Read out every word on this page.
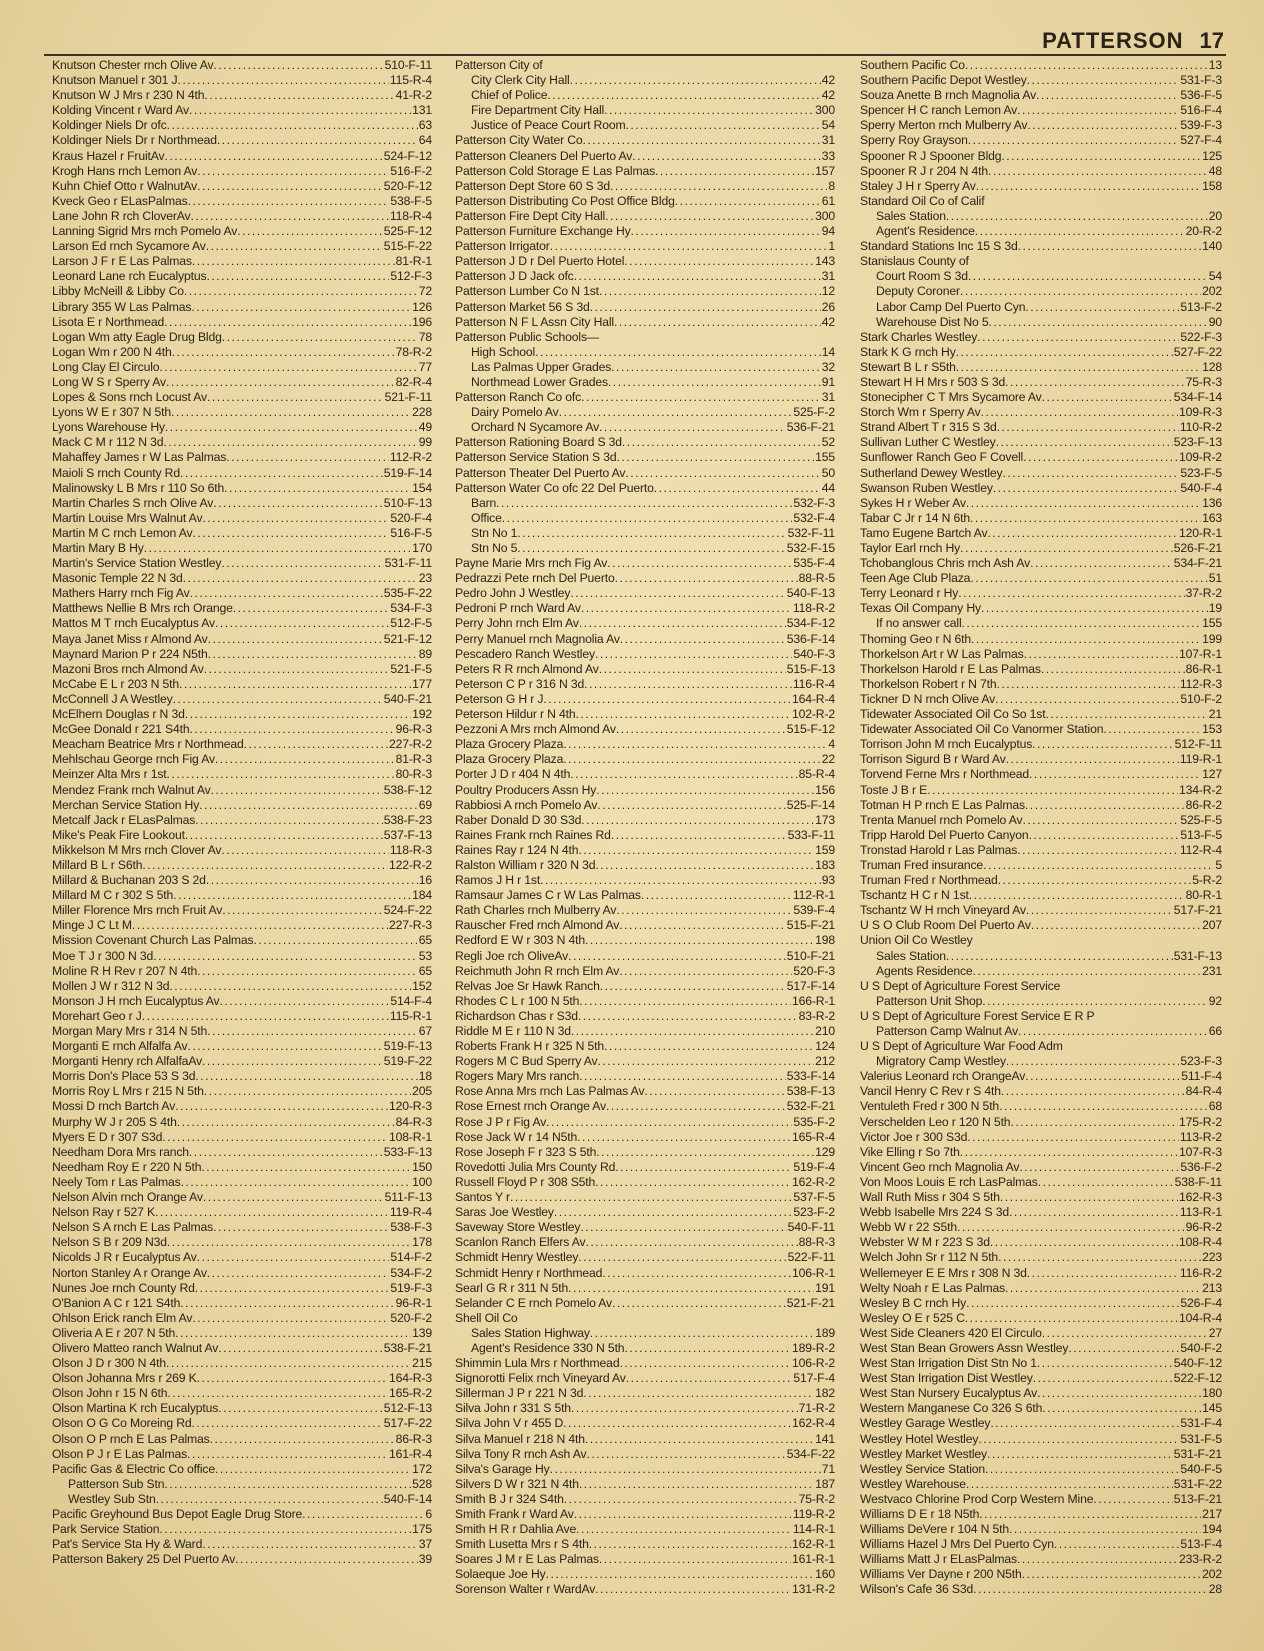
PATTERSON 17
Knutson Chester rnch Olive Av .....	510-F-11
Knutson Manuel r 301 J .....	115-R-4
Knutson W J Mrs r 230 N 4th .....	41-R-2
Kolding Vincent r Ward Av .....	131
Koldinger Niels Dr ofc .....	63
Koldinger Niels Dr r Northmead .....	64
Kraus Hazel r FruitAv .....	524-F-12
Krogh Hans rnch Lemon Av .....	516-F-2
Kuhn Chief Otto r WalnutAv .....	520-F-12
Kveck Geo r ELasPalmas .....	538-F-5
Lane John R rch CloverAv .....	118-R-4
Lanning Sigrid Mrs rnch Pomelo Av .....	525-F-12
Larson Ed rnch Sycamore Av .....	515-F-22
Larson J F r E Las Palmas .....	81-R-1
Leonard Lane rch Eucalyptus .....	512-F-3
Libby McNeill & Libby Co .....	72
Library 355 W Las Palmas .....	126
Lisota E r Northmead .....	196
Logan Wm atty Eagle Drug Bldg .....	78
Logan Wm r 200 N 4th .....	78-R-2
Long Clay El Circulo .....	77
Long W S r Sperry Av .....	82-R-4
Lopes & Sons rnch Locust Av .....	521-F-11
Lyons W E r 307 N 5th .....	228
Lyons Warehouse Hy .....	49
Mack C M r 112 N 3d .....	99
Mahaffey James r W Las Palmas .....	112-R-2
Maioli S rnch County Rd .....	519-F-14
Malinowsky L B Mrs r 110 So 6th .....	154
Martin Charles S rnch Olive Av .....	510-F-13
Martin Louise Mrs Walnut Av .....	520-F-4
Martin M C rnch Lemon Av .....	516-F-5
Martin Mary B Hy .....	170
Martin's Service Station Westley .....	531-F-11
Masonic Temple 22 N 3d .....	23
Mathers Harry rnch Fig Av .....	535-F-22
Matthews Nellie B Mrs rch Orange .....	534-F-3
Mattos M T rnch Eucalyptus Av .....	512-F-5
Maya Janet Miss r Almond Av .....	521-F-12
Maynard Marion P r 224 N5th .....	89
Mazoni Bros rnch Almond Av .....	521-F-5
McCabe E L r 203 N 5th .....	177
McConnell J A Westley .....	540-F-21
McElhern Douglas r N 3d .....	192
McGee Donald r 221 S4th .....	96-R-3
Meacham Beatrice Mrs r Northmead .....	227-R-2
Mehlschau George rnch Fig Av .....	81-R-3
Meinzer Alta Mrs r 1st .....	80-R-3
Mendez Frank rnch Walnut Av .....	538-F-12
Merchan Service Station Hy .....	69
Metcalf Jack r ELasPalmas .....	538-F-23
Mike's Peak Fire Lookout .....	537-F-13
Mikkelson M Mrs rnch Clover Av .....	118-R-3
Millard B L r S6th .....	122-R-2
Millard & Buchanan 203 S 2d .....	16
Millard M C r 302 S 5th .....	184
Miller Florence Mrs rnch Fruit Av .....	524-F-22
Minge J C Lt M .....	227-R-3
Mission Covenant Church Las Palmas .....	65
Moe T J r 300 N 3d .....	53
Moline R H Rev r 207 N 4th .....	65
Mollen J W r 312 N 3d .....	152
Monson J H rnch Eucalyptus Av .....	514-F-4
Morehart Geo r J .....	115-R-1
Morgan Mary Mrs r 314 N 5th .....	67
Morganti E rnch Alfalfa Av .....	519-F-13
Morganti Henry rch AlfalfaAv .....	519-F-22
Morris Don's Place 53 S 3d .....	18
Morris Roy L Mrs r 215 N 5th .....	205
Mossi D rnch Bartch Av .....	120-R-3
Murphy W J r 205 S 4th .....	84-R-3
Myers E D r 307 S3d .....	108-R-1
Needham Dora Mrs ranch .....	533-F-13
Needham Roy E r 220 N 5th .....	150
Neely Tom r Las Palmas .....	100
Nelson Alvin rnch Orange Av .....	511-F-13
Nelson Ray r 527 K .....	119-R-4
Nelson S A rnch E Las Palmas .....	538-F-3
Nelson S B r 209 N3d .....	178
Nicolds J R r Eucalyptus Av .....	514-F-2
Norton Stanley A r Orange Av .....	534-F-2
Nunes Joe rnch County Rd .....	519-F-3
O'Banion A C r 121 S4th .....	96-R-1
Ohlson Erick ranch Elm Av .....	520-F-2
Oliveria A E r 207 N 5th .....	139
Olivero Matteo ranch Walnut Av .....	538-F-21
Olson J D r 300 N 4th .....	215
Olson Johanna Mrs r 269 K .....	164-R-3
Olson John r 15 N 6th .....	165-R-2
Olson Martina K rch Eucalyptus .....	512-F-13
Olson O G Co Moreing Rd .....	517-F-22
Olson O P rnch E Las Palmas .....	86-R-3
Olson P J r E Las Palmas .....	161-R-4
Pacific Gas & Electric Co office .....	172
Patterson Sub Stn .....	528
Westley Sub Stn .....	540-F-14
Pacific Greyhound Bus Depot Eagle Drug Store .....	6
Park Service Station .....	175
Pat's Service Sta Hy & Ward .....	37
Patterson Bakery 25 Del Puerto Av .....	39
Patterson City of
City Clerk City Hall .....	42
Chief of Police .....	42
Fire Department City Hall .....	300
Justice of Peace Court Room .....	54
Patterson City Water Co .....	31
Patterson Cleaners Del Puerto Av .....	33
Patterson Cold Storage E Las Palmas .....	157
Patterson Dept Store 60 S 3d .....	8
Patterson Distributing Co Post Office Bldg .....	61
Patterson Fire Dept City Hall .....	300
Patterson Furniture Exchange Hy .....	94
Patterson Irrigator .....	1
Patterson J D r Del Puerto Hotel .....	143
Patterson J D Jack ofc .....	31
Patterson Lumber Co N 1st .....	12
Patterson Market 56 S 3d .....	26
Patterson N F L Assn City Hall .....	42
Patterson Public Schools—
High School .....	14
Las Palmas Upper Grades .....	32
Northmead Lower Grades .....	91
Patterson Ranch Co ofc .....	31
Dairy Pomelo Av .....	525-F-2
Orchard N Sycamore Av .....	536-F-21
Patterson Rationing Board S 3d .....	52
Patterson Service Station S 3d .....	155
Patterson Theater Del Puerto Av .....	50
Patterson Water Co ofc 22 Del Puerto .....	44
Barn .....	532-F-3
Office .....	532-F-4
Stn No 1 .....	532-F-11
Stn No 5 .....	532-F-15
Payne Marie Mrs rnch Fig Av .....	535-F-4
Pedrazzi Pete rnch Del Puerto .....	88-R-5
Pedro John J Westley .....	540-F-13
Pedroni P rnch Ward Av .....	118-R-2
Perry John rnch Elm Av .....	534-F-12
Perry Manuel rnch Magnolia Av .....	536-F-14
Pescadero Ranch Westley .....	540-F-3
Peters R R rnch Almond Av .....	515-F-13
Peterson C P r 316 N 3d .....	116-R-4
Peterson G H r J .....	164-R-4
Peterson Hildur r N 4th .....	102-R-2
Pezzoni A Mrs rnch Almond Av .....	515-F-12
Plaza Grocery Plaza .....	4
Plaza Grocery Plaza .....	22
Porter J D r 404 N 4th .....	85-R-4
Poultry Producers Assn Hy .....	156
Rabbiosi A rnch Pomelo Av .....	525-F-14
Raber Donald D 30 S3d .....	173
Raines Frank rnch Raines Rd .....	533-F-11
Raines Ray r 124 N 4th .....	159
Ralston William r 320 N 3d .....	183
Ramos J H r 1st .....	93
Ramsaur James C r W Las Palmas .....	112-R-1
Rath Charles rnch Mulberry Av .....	539-F-4
Rauscher Fred rnch Almond Av .....	515-F-21
Redford E W r 303 N 4th .....	198
Regli Joe rch OliveAv .....	510-F-21
Reichmuth John R rnch Elm Av .....	520-F-3
Relvas Joe Sr Hawk Ranch .....	517-F-14
Rhodes C L r 100 N 5th .....	166-R-1
Richardson Chas r S3d .....	83-R-2
Riddle M E r 110 N 3d .....	210
Roberts Frank H r 325 N 5th .....	124
Rogers M C Bud Sperry Av .....	212
Rogers Mary Mrs ranch .....	533-F-14
Rose Anna Mrs rnch Las Palmas Av .....	538-F-13
Rose Ernest rnch Orange Av .....	532-F-21
Rose J P r Fig Av .....	535-F-2
Rose Jack W r 14 N5th .....	165-R-4
Rose Joseph F r 323 S 5th .....	129
Rovedotti Julia Mrs County Rd .....	519-F-4
Russell Floyd P r 308 S5th .....	162-R-2
Santos Y r .....	537-F-5
Saras Joe Westley .....	523-F-2
Saveway Store Westley .....	540-F-11
Scanlon Ranch Elfers Av .....	88-R-3
Schmidt Henry Westley .....	522-F-11
Schmidt Henry r Northmead .....	106-R-1
Searl G R r 311 N 5th .....	191
Selander C E rnch Pomelo Av .....	521-F-21
Shell Oil Co
Sales Station Highway .....	189
Agent's Residence 330 N 5th .....	189-R-2
Shimmin Lula Mrs r Northmead .....	106-R-2
Signorotti Felix rnch Vineyard Av .....	517-F-4
Sillerman J P r 221 N 3d .....	182
Silva John r 331 S 5th .....	71-R-2
Silva John V r 455 D .....	162-R-4
Silva Manuel r 218 N 4th .....	141
Silva Tony R rnch Ash Av .....	534-F-22
Silva's Garage Hy .....	71
Silvers D W r 321 N 4th .....	187
Smith B J r 324 S4th .....	75-R-2
Smith Frank r Ward Av .....	119-R-2
Smith H R r Dahlia Ave .....	114-R-1
Smith Lusetta Mrs r S 4th .....	162-R-1
Soares J M r E Las Palmas .....	161-R-1
Solaeque Joe Hy .....	160
Sorenson Walter r WardAv .....	131-R-2
Southern Pacific Co .....	13
Southern Pacific Depot Westley .....	531-F-3
Souza Anette B rnch Magnolia Av .....	536-F-5
Spencer H C ranch Lemon Av .....	516-F-4
Sperry Merton rnch Mulberry Av .....	539-F-3
Sperry Roy Grayson .....	527-F-4
Spooner R J Spooner Bldg .....	125
Spooner R J r 204 N 4th .....	48
Staley J H r Sperry Av .....	158
Standard Oil Co of Calif
Sales Station .....	20
Agent's Residence .....	20-R-2
Standard Stations Inc 15 S 3d .....	140
Stanislaus County of
Court Room S 3d .....	54
Deputy Coroner .....	202
Labor Camp Del Puerto Cyn .....	513-F-2
Warehouse Dist No 5 .....	90
Stark Charles Westley .....	522-F-3
Stark K G rnch Hy .....	527-F-22
Stewart B L r S5th .....	128
Stewart H H Mrs r 503 S 3d .....	75-R-3
Stonecipher C T Mrs Sycamore Av .....	534-F-14
Storch Wm r Sperry Av .....	109-R-3
Strand Albert T r 315 S 3d .....	110-R-2
Sullivan Luther C Westley .....	523-F-13
Sunflower Ranch Geo F Covell .....	109-R-2
Sutherland Dewey Westley .....	523-F-5
Swanson Ruben Westley .....	540-F-4
Sykes H r Weber Av .....	136
Tabar C Jr r 14 N 6th .....	163
Tamo Eugene Bartch Av .....	120-R-1
Taylor Earl rnch Hy .....	526-F-21
Tchobanglous Chris rnch Ash Av .....	534-F-21
Teen Age Club Plaza .....	51
Terry Leonard r Hy .....	37-R-2
Texas Oil Company Hy .....	19
If no answer call .....	155
Thoming Geo r N 6th .....	199
Thorkelson Art r W Las Palmas .....	107-R-1
Thorkelson Harold r E Las Palmas .....	86-R-1
Thorkelson Robert r N 7th .....	112-R-3
Tickner D N rnch Olive Av .....	510-F-2
Tidewater Associated Oil Co So 1st .....	21
Tidewater Associated Oil Co Vanormer Station .....	153
Torrison John M rnch Eucalyptus .....	512-F-11
Torrison Sigurd B r Ward Av .....	119-R-1
Torvend Ferne Mrs r Northmead .....	127
Toste J B r E .....	134-R-2
Totman H P rnch E Las Palmas .....	86-R-2
Trenta Manuel rnch Pomelo Av .....	525-F-5
Tripp Harold Del Puerto Canyon .....	513-F-5
Tronstad Harold r Las Palmas .....	112-R-4
Truman Fred insurance .....	5
Truman Fred r Northmead .....	5-R-2
Tschantz H C r N 1st .....	80-R-1
Tschantz W H rnch Vineyard Av .....	517-F-21
U S O Club Room Del Puerto Av .....	207
Union Oil Co Westley
Sales Station .....	531-F-13
Agents Residence .....	231
U S Dept of Agriculture Forest Service
Patterson Unit Shop .....	92
U S Dept of Agriculture Forest Service E R P
Patterson Camp Walnut Av .....	66
U S Dept of Agriculture War Food Adm
Migratory Camp Westley .....	523-F-3
Valerius Leonard rch OrangeAv .....	511-F-4
Vancil Henry C Rev r S 4th .....	84-R-4
Ventuleth Fred r 300 N 5th .....	68
Verschelden Leo r 120 N 5th .....	175-R-2
Victor Joe r 300 S3d .....	113-R-2
Vike Elling r So 7th .....	107-R-3
Vincent Geo rnch Magnolia Av .....	536-F-2
Von Moos Louis E rch LasPalmas .....	538-F-11
Wall Ruth Miss r 304 S 5th .....	162-R-3
Webb Isabelle Mrs 224 S 3d .....	113-R-1
Webb W r 22 S5th .....	96-R-2
Webster W M r 223 S 3d .....	108-R-4
Welch John Sr r 112 N 5th .....	223
Wellemeyer E E Mrs r 308 N 3d .....	116-R-2
Welty Noah r E Las Palmas .....	213
Wesley B C rnch Hy .....	526-F-4
Wesley O E r 525 C .....	104-R-4
West Side Cleaners 420 El Circulo .....	27
West Stan Bean Growers Assn Westley .....	540-F-2
West Stan Irrigation Dist Stn No 1 .....	540-F-12
West Stan Irrigation Dist Westley .....	522-F-12
West Stan Nursery Eucalyptus Av .....	180
Western Manganese Co 326 S 6th .....	145
Westley Garage Westley .....	531-F-4
Westley Hotel Westley .....	531-F-5
Westley Market Westley .....	531-F-21
Westley Service Station .....	540-F-5
Westley Warehouse .....	531-F-22
Westvaco Chlorine Prod Corp Western Mine .....	513-F-21
Williams D E r 18 N5th .....	217
Williams DeVere r 104 N 5th .....	194
Williams Hazel J Mrs Del Puerto Cyn .....	513-F-4
Williams Matt J r ELasPalmas .....	233-R-2
Williams Ver Dayne r 200 N5th .....	202
Wilson's Cafe 36 S3d .....	28
